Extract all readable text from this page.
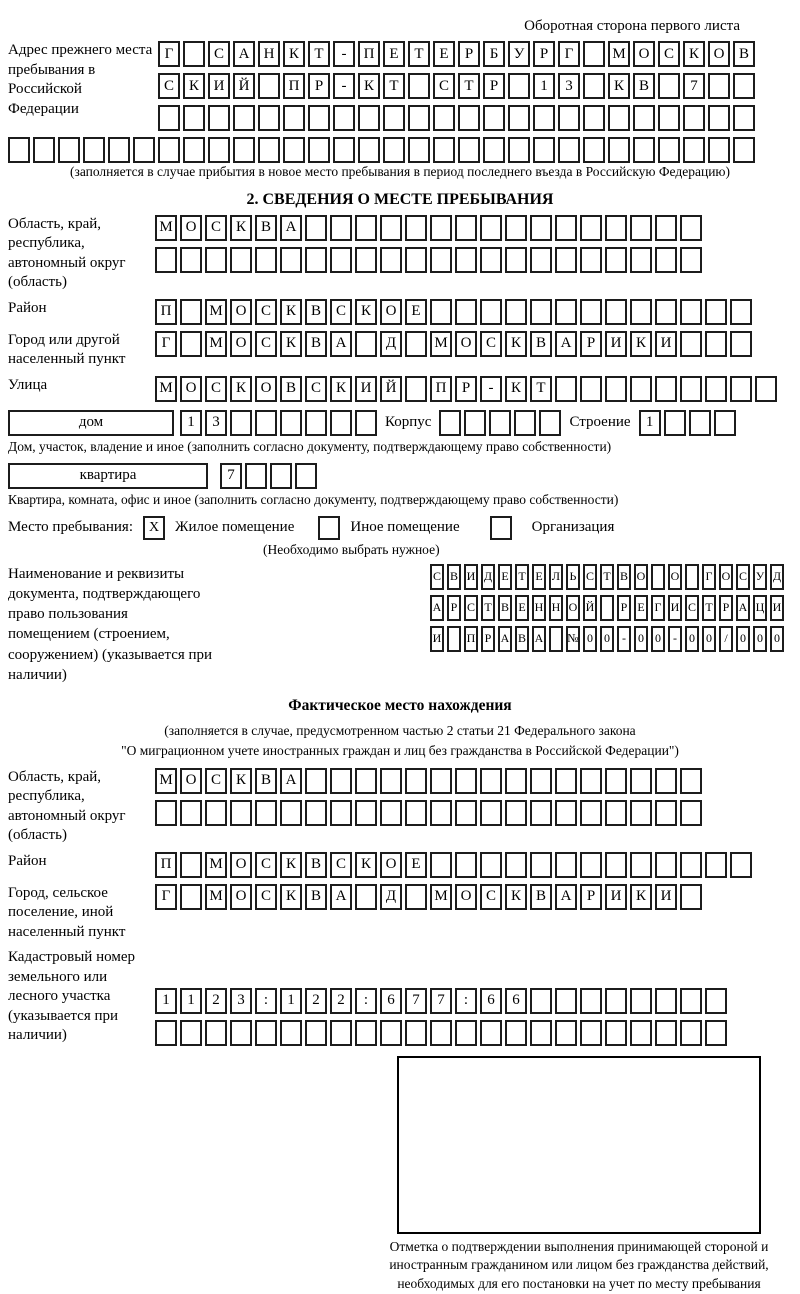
Оборотная сторона первого листа
Адрес прежнего места пребывания в Российской Федерации
Г	С А Н К	Т	-	П Е	Т	Е	Р	Б	У	Р	Г	М О С К О В
С К И Й	П	Р	-	К	Т	С	Т	Р	1	3	К В	7
(заполняется в случае прибытия в новое место пребывания в период последнего въезда в Российскую Федерацию)
2. СВЕДЕНИЯ О МЕСТЕ ПРЕБЫВАНИЯ
Область, край, республика, автономный округ (область)
М О С К В А
Район	П	М О С К В С К О Е
Город или другой населенный пункт
Г	М О С К В А	Д	М О С К В А	Р	И К И
Улица	М О С К О В С К И Й	П	Р	-	К	Т
дом	1	3	Корпус	Строение	1
Дом, участок, владение и иное (заполнить согласно документу, подтверждающему право собственности)
квартира	7
Квартира, комната, офис и иное (заполнить согласно документу, подтверждающему право собственности)
Место пребывания:	X	Жилое помещение	Иное помещение	Организация
(Необходимо выбрать нужное)
Наименование и реквизиты документа, подтверждающего право пользования помещением (строением, сооружением) (указывается при наличии)
С В И Д Е Т Е Л Ь С Т В О О Г О С У Д
А Р С Т В Е Н Н О Й	Р Е Г И С Т Р А Ц И
И П Р А В А № 0 0	-	0 0	-	0 0	/	0 0 0
Фактическое место нахождения
(заполняется в случае, предусмотренном частью 2 статьи 21 Федерального закона
"О миграционном учете иностранных граждан и лиц без гражданства в Российской Федерации")
Область, край, республика, автономный округ (область)
М О С К В А
Район	П	М О С К В С К О Е
Город, сельское поселение, иной населенный пункт
Г	М О С К В А	Д	М О С К В А	Р	И К И
Кадастровый номер земельного или лесного участка (указывается при наличии)
1	1	2	3	:	1	2	2	:	6	7	7	:	6	6
Отметка о подтверждении выполнения принимающей стороной и иностранным гражданином или лицом без гражданства действий, необходимых для его постановки на учет по месту пребывания
